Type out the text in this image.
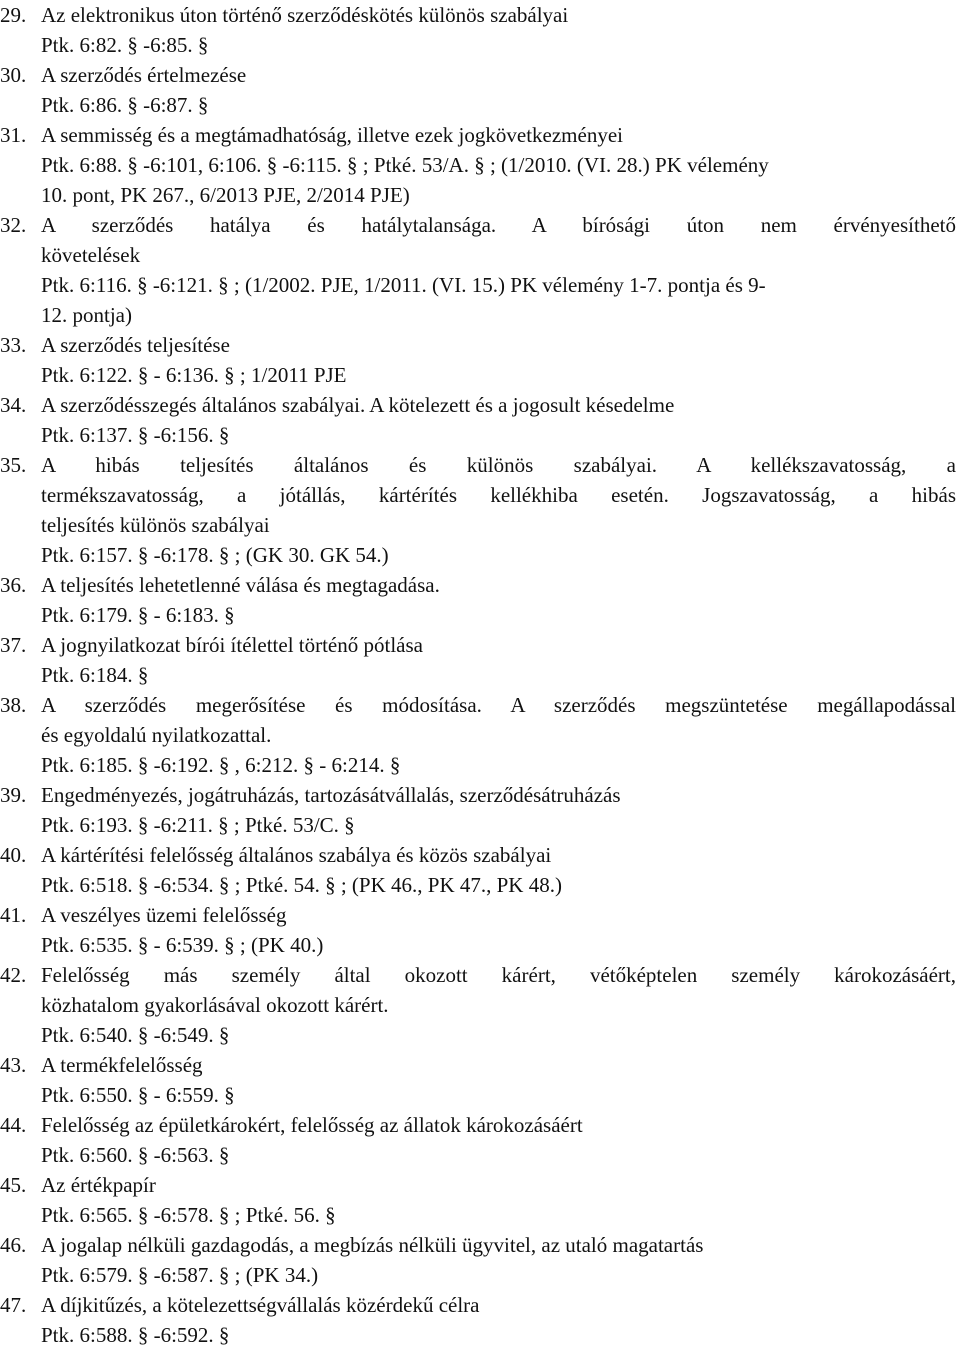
29. Az elektronikus úton történő szerződéskötés különös szabályai
Ptk. 6:82. § -6:85. §
30. A szerződés értelmezése
Ptk. 6:86. § -6:87. §
31. A semmisség és a megtámadhatóság, illetve ezek jogkövetkezményei
Ptk. 6:88. § -6:101, 6:106. § -6:115. § ; Ptké. 53/A. § ; (1/2010. (VI. 28.) PK vélemény
10. pont, PK 267., 6/2013 PJE, 2/2014 PJE)
32. A szerződés hatálya és hatálytalansága. A bírósági úton nem érvényesíthető
követelések
Ptk. 6:116. § -6:121. § ; (1/2002. PJE, 1/2011. (VI. 15.) PK vélemény 1-7. pontja és 9-
12. pontja)
33. A szerződés teljesítése
Ptk. 6:122. § - 6:136. § ; 1/2011 PJE
34. A szerződésszegés általános szabályai. A kötelezett és a jogosult késedelme
Ptk. 6:137. § -6:156. §
35. A hibás teljesítés általános és különös szabályai. A kellékszavatosság, a
termékszavatosság, a jótállás, kártérítés kellékhiba esetén. Jogszavatosság, a hibás
teljesítés különös szabályai
Ptk. 6:157. § -6:178. § ; (GK 30. GK 54.)
36. A teljesítés lehetetlenné válása és megtagadása.
Ptk. 6:179. § - 6:183. §
37. A jognyilatkozat bírói ítélettel történő pótlása
Ptk. 6:184. §
38. A szerződés megerősítése és módosítása. A szerződés megszüntetése megállapodással
és egyoldalú nyilatkozattal.
Ptk. 6:185. § -6:192. § , 6:212. § - 6:214. §
39. Engedményezés, jogátruházás, tartozásátvállalás, szerződésátruházás
Ptk. 6:193. § -6:211. § ; Ptké. 53/C. §
40. A kártérítési felelősség általános szabálya és közös szabályai
Ptk. 6:518. § -6:534. § ; Ptké. 54. § ; (PK 46., PK 47., PK 48.)
41. A veszélyes üzemi felelősség
Ptk. 6:535. § - 6:539. § ; (PK 40.)
42. Felelősség más személy által okozott kárért, vétőképtelen személy károkozásáért,
közhatalom gyakorlásával okozott kárért.
Ptk. 6:540. § -6:549. §
43. A termékfelelősség
Ptk. 6:550. § - 6:559. §
44. Felelősség az épületkárokért, felelősség az állatok károkozásáért
Ptk. 6:560. § -6:563. §
45. Az értékpapír
Ptk. 6:565. § -6:578. § ; Ptké. 56. §
46. A jogalap nélküli gazdagodás, a megbízás nélküli ügyvitel, az utaló magatartás
Ptk. 6:579. § -6:587. § ; (PK 34.)
47. A díjkitűzés, a kötelezettségvállalás közérdekű célra
Ptk. 6:588. § -6:592. §
